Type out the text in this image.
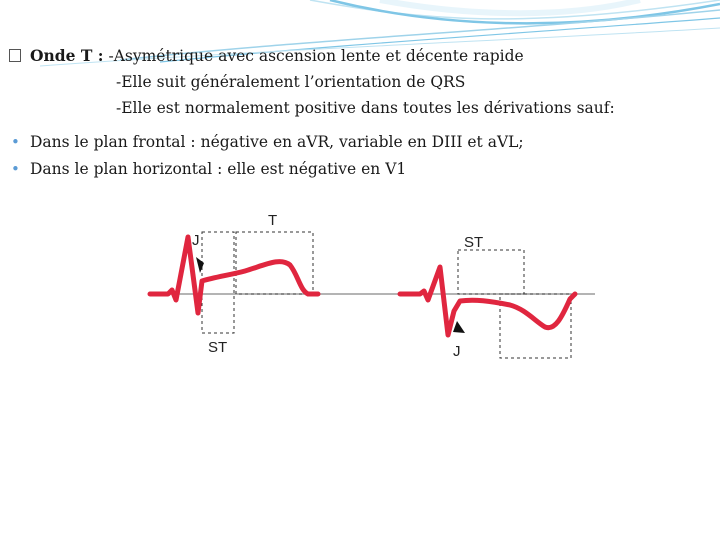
Onde T : -Asymétrique avec ascension lente et décente rapide
-Elle suit généralement l’orientation de QRS
-Elle est normalement positive dans toutes les dérivations sauf:
• Dans le plan frontal : négative en aVR, variable en DIII et aVL;
• Dans le plan horizontal : elle est négative en V1
J
T
ST
ST
J
